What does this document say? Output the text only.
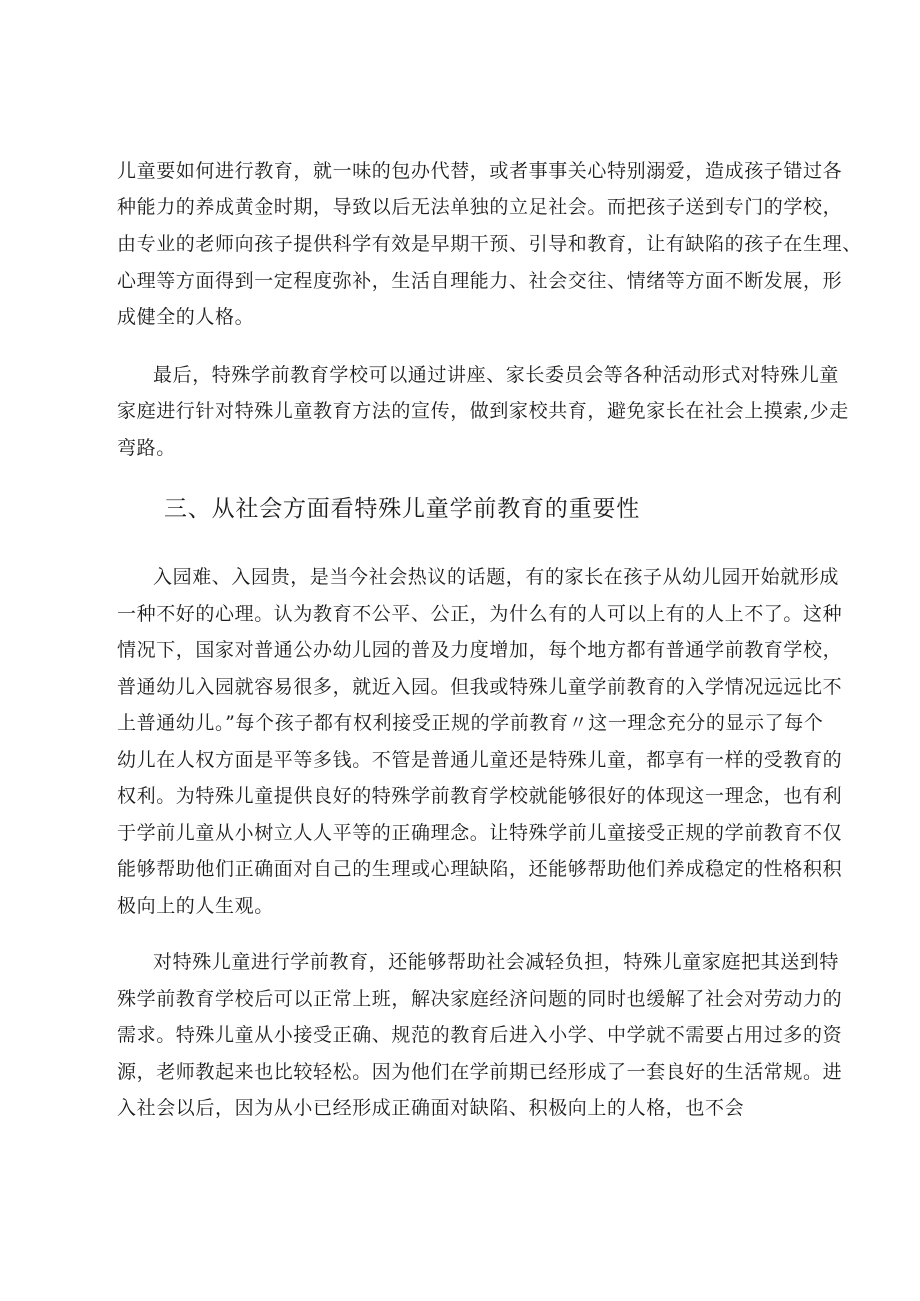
儿童要如何进行教育，就一味的包办代替，或者事事关心特别溺爱，造成孩子错过各
种能力的养成黄金时期，导致以后无法单独的立足社会。而把孩子送到专门的学校，
由专业的老师向孩子提供科学有效是早期干预、引导和教育，让有缺陷的孩子在生理、
心理等方面得到一定程度弥补，生活自理能力、社会交往、情绪等方面不断发展，形
成健全的人格。
最后，特殊学前教育学校可以通过讲座、家长委员会等各种活动形式对特殊儿童
家庭进行针对特殊儿童教育方法的宣传，做到家校共育，避免家长在社会上摸索,少走
弯路。
三、从社会方面看特殊儿童学前教育的重要性
入园难、入园贵，是当今社会热议的话题，有的家长在孩子从幼儿园开始就形成
一种不好的心理。认为教育不公平、公正，为什么有的人可以上有的人上不了。这种
情况下，国家对普通公办幼儿园的普及力度增加，每个地方都有普通学前教育学校，
普通幼儿入园就容易很多，就近入园。但我或特殊儿童学前教育的入学情况远远比不
上普通幼儿。”每个孩子都有权利接受正规的学前教育〃这一理念充分的显示了每个
幼儿在人权方面是平等多钱。不管是普通儿童还是特殊儿童，都享有一样的受教育的
权利。为特殊儿童提供良好的特殊学前教育学校就能够很好的体现这一理念，也有利
于学前儿童从小树立人人平等的正确理念。让特殊学前儿童接受正规的学前教育不仅
能够帮助他们正确面对自己的生理或心理缺陷，还能够帮助他们养成稳定的性格积积
极向上的人生观。
对特殊儿童进行学前教育，还能够帮助社会减轻负担，特殊儿童家庭把其送到特
殊学前教育学校后可以正常上班，解决家庭经济问题的同时也缓解了社会对劳动力的
需求。特殊儿童从小接受正确、规范的教育后进入小学、中学就不需要占用过多的资
源，老师教起来也比较轻松。因为他们在学前期已经形成了一套良好的生活常规。进
入社会以后，因为从小已经形成正确面对缺陷、积极向上的人格，也不会
